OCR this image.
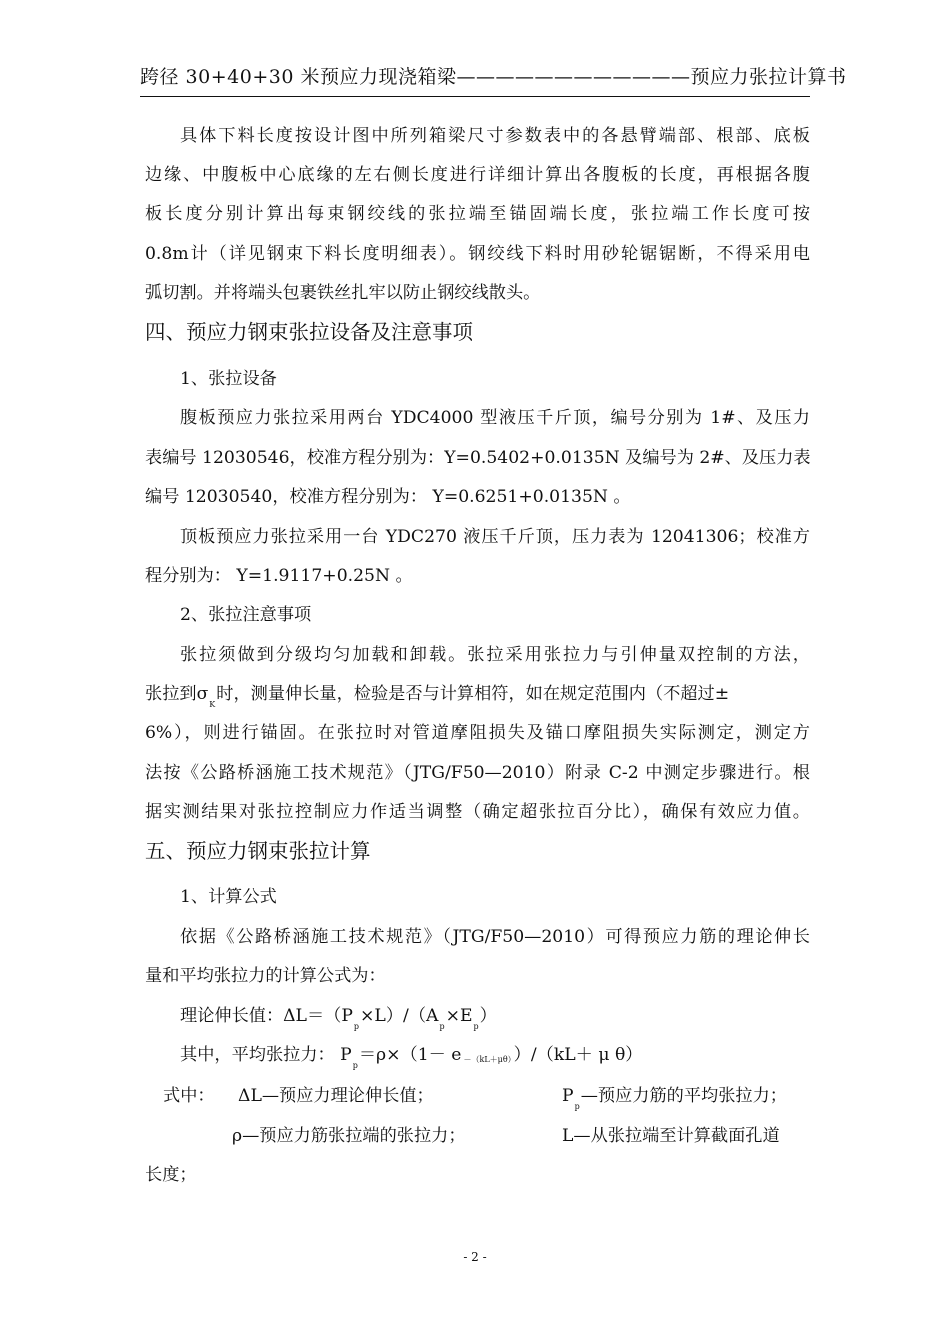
跨径 30+40+30 米预应力现浇箱梁————————————预应力张拉计算书
具体下料长度按设计图中所列箱梁尺寸参数表中的各悬臂端部、根部、底板
边缘、中腹板中心底缘的左右侧长度进行详细计算出各腹板的长度，再根据各腹
板长度分别计算出每束钢绞线的张拉端至锚固端长度，张拉端工作长度可按
0.8m计（详见钢束下料长度明细表）。钢绞线下料时用砂轮锯锯断，不得采用电
弧切割。并将端头包裹铁丝扎牢以防止钢绞线散头。
四、预应力钢束张拉设备及注意事项
1、张拉设备
腹板预应力张拉采用两台 YDC4000 型液压千斤顶，编号分别为 1#、及压力
表编号 12030546，校准方程分别为：Y=0.5402+0.0135N 及编号为 2#、及压力表
编号 12030540，校准方程分别为： Y=0.6251+0.0135N 。
顶板预应力张拉采用一台 YDC270 液压千斤顶，压力表为 12041306；校准方
程分别为： Y=1.9117+0.25N 。
2、张拉注意事项
张拉须做到分级均匀加载和卸载。张拉采用张拉力与引伸量双控制的方法，
张拉到$\sigma_K$时，测量伸长量，检验是否与计算相符，如在规定范围内（不超过±
6%），则进行锚固。在张拉时对管道摩阻损失及锚口摩阻损失实际测定，测定方
法按《公路桥涵施工技术规范》（JTG/F50—2010）附录 C-2 中测定步骤进行。根
据实测结果对张拉控制应力作适当调整（确定超张拉百分比），确保有效应力值。
五、预应力钢束张拉计算
1、计算公式
依据《公路桥涵施工技术规范》（JTG/F50—2010）可得预应力筋的理论伸长
量和平均张拉力的计算公式为：
理论伸长值：$\Delta L=(P_p\times L)/(A_p\times E_p)$
其中，平均张拉力： $P_p=\rho\times(1- e -(kL+\mu\theta)$ ）/（kL＋ μ θ）
式中： ΔL—预应力理论伸长值；	$P_p—$预应力筋的平均张拉力；
ρ—预应力筋张拉端的张拉力；	L—从张拉端至计算截面孔道
长度；
- 2 -
